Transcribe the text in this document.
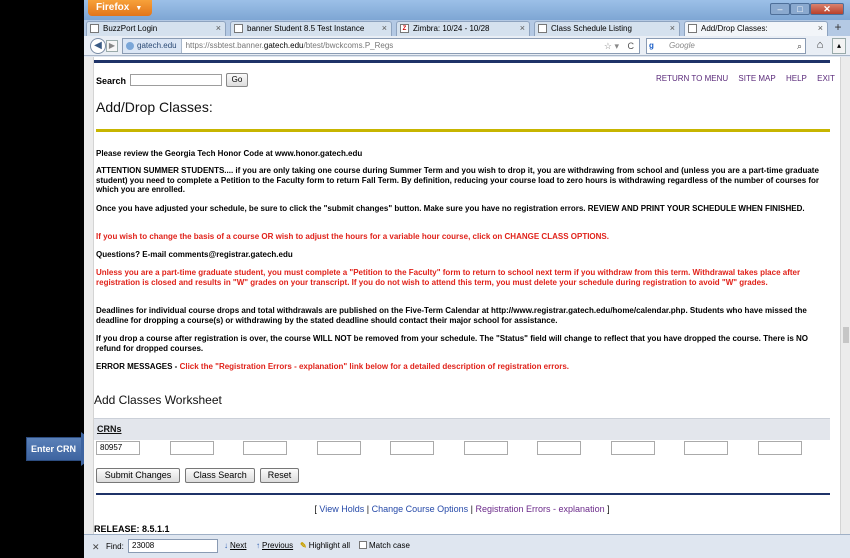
Enter CRN
Firefox ▼	–	□	✕
BuzzPort Login	×	banner Student 8.5 Test Instance ×	Z Zimbra: 10/24 - 10/28	×	Class Schedule Listing	×	Add/Drop Classes:	× +
◀ ▶	gatech.edu https://ssbtest.banner.gatech.edu/btest/bwckcoms.P_Regs	☆ ▾ C g	Google	⌕	⌂	▴
Search	Go	RETURN TO MENU SITE MAP HELP EXIT
Add/Drop Classes:
Please review the Georgia Tech Honor Code at www.honor.gatech.edu
ATTENTION SUMMER STUDENTS.... if you are only taking one course during Summer Term and you wish to drop it, you are withdrawing from school and (unless you are a part-time graduate student) you need to complete a Petition to the Faculty form to return Fall Term. By definition, reducing your course load to zero hours is withdrawing regardless of the number of courses for which you are enrolled.
Once you have adjusted your schedule, be sure to click the "submit changes" button. Make sure you have no registration errors. REVIEW AND PRINT YOUR SCHEDULE WHEN FINISHED.
If you wish to change the basis of a course OR wish to adjust the hours for a variable hour course, click on CHANGE CLASS OPTIONS.
Questions? E-mail comments@registrar.gatech.edu
Unless you are a part-time graduate student, you must complete a "Petition to the Faculty" form to return to school next term if you withdraw from this term. Withdrawal takes place after registration is closed and results in "W" grades on your transcript. If you do not wish to attend this term, you must delete your schedule during registration to avoid "W" grades.
Deadlines for individual course drops and total withdrawals are published on the Five-Term Calendar at http://www.registrar.gatech.edu/home/calendar.php. Students who have missed the deadline for dropping a course(s) or withdrawing by the stated deadline should contact their major school for assistance.
If you drop a course after registration is over, the course WILL NOT be removed from your schedule. The "Status" field will change to reflect that you have dropped the course. There is NO refund for dropped courses.
ERROR MESSAGES - Click the "Registration Errors - explanation" link below for a detailed description of registration errors.
Add Classes Worksheet
CRNs
80957
Submit Changes	Class Search	Reset
[ View Holds | Change Course Options | Registration Errors - explanation ]
RELEASE: 8.5.1.1
✕ Find:	23008	↓ Next ↑ Previous ✎ Highlight all	Match case
